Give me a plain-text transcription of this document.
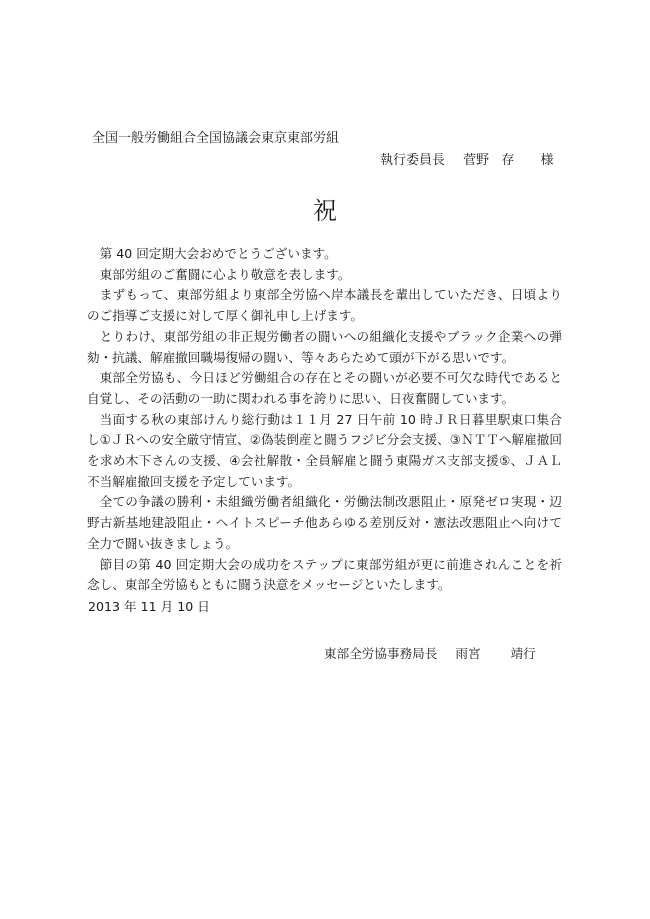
全国一般労働組合全国協議会東京東部労組
執行委員長 菅野 存 様
祝

第 40 回定期大会おめでとうございます。

東部労組のご奮闘に心より敬意を表します。

まずもって、東部労組より東部全労協へ岸本議長を輩出していただき、日頃よりのご指導ご支援に対して厚く御礼申し上げます。

とりわけ、東部労組の非正規労働者の闘いへの組織化支援やブラック企業への弾劾・抗議、解雇撤回職場復帰の闘い、等々あらためて頭が下がる思いです。

東部全労協も、今日ほど労働組合の存在とその闘いが必要不可欠な時代であると自覚し、その活動の一助に関われる事を誇りに思い、日夜奮闘しています。

当面する秋の東部けんり総行動は１１月 27 日午前 10 時ＪＲ日暮里駅東口集合し①ＪＲへの安全厳守情宣、②偽装倒産と闘うフジビ分会支援、③ＮＴＴへ解雇撤回を求め木下さんの支援、④会社解散・全員解雇と闘う東陽ガス支部支援⑤、ＪＡＬ不当解雇撤回支援を予定しています。

全ての争議の勝利・未組織労働者組織化・労働法制改悪阻止・原発ゼロ実現・辺野古新基地建設阻止・ヘイトスピーチ他あらゆる差別反対・憲法改悪阻止へ向けて全力で闘い抜きましょう。

節目の第 40 回定期大会の成功をステップに東部労組が更に前進されんことを祈念し、東部全労協もともに闘う決意をメッセージといたします。

2013 年 11 月 10 日
東部全労協事務局長 雨宮 靖行
